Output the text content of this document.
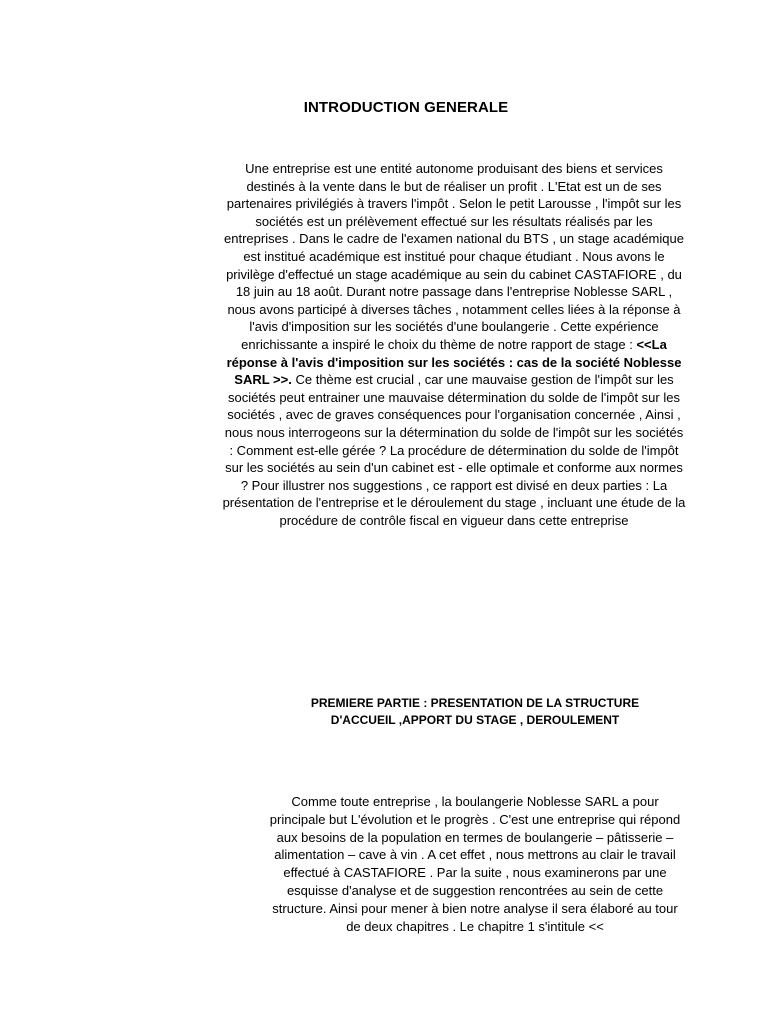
INTRODUCTION GENERALE

Une entreprise est une entité autonome produisant des biens et services destinés à la vente dans le but de réaliser un profit . L'Etat est un de ses partenaires privilégiés à travers l'impôt . Selon le petit Larousse , l'impôt sur les sociétés est un prélèvement effectué sur les résultats réalisés par les entreprises . Dans le cadre de l'examen national du BTS , un stage académique est institué académique est institué pour chaque étudiant . Nous avons le privilège d'effectué un stage académique au sein du cabinet CASTAFIORE , du 18 juin au 18 août. Durant notre passage dans l'entreprise Noblesse SARL , nous avons participé à diverses tâches , notamment celles liées à la réponse à l'avis d'imposition sur les sociétés d'une boulangerie . Cette expérience enrichissante a inspiré le choix du thème de notre rapport de stage : <<La réponse à l'avis d'imposition sur les sociétés : cas de la société Noblesse SARL >>. Ce thème est crucial , car une mauvaise gestion de l'impôt sur les sociétés peut entrainer une mauvaise détermination du solde de l'impôt sur les sociétés , avec de graves conséquences pour l'organisation concernée , Ainsi , nous nous interrogeons sur la détermination du solde de l'impôt sur les sociétés : Comment est-elle gérée ? La procédure de détermination du solde de l'impôt sur les sociétés au sein d'un cabinet est - elle optimale et conforme aux normes ? Pour illustrer nos suggestions , ce rapport est divisé en deux parties : La présentation de l'entreprise et le déroulement du stage , incluant une étude de la procédure de contrôle fiscal en vigueur dans cette entreprise

PREMIERE PARTIE : PRESENTATION DE LA STRUCTURE D'ACCUEIL ,APPORT DU STAGE , DEROULEMENT

Comme toute entreprise , la boulangerie Noblesse SARL a pour principale but L'évolution et le progrès . C'est une entreprise qui répond aux besoins de la population en termes de boulangerie – pâtisserie – alimentation – cave à vin . A cet effet , nous mettrons au clair le travail effectué à CASTAFIORE . Par la suite , nous examinerons par une esquisse d'analyse et de suggestion rencontrées au sein de cette structure. Ainsi pour mener à bien notre analyse il sera élaboré au tour de deux chapitres . Le chapitre 1 s'intitule <<
